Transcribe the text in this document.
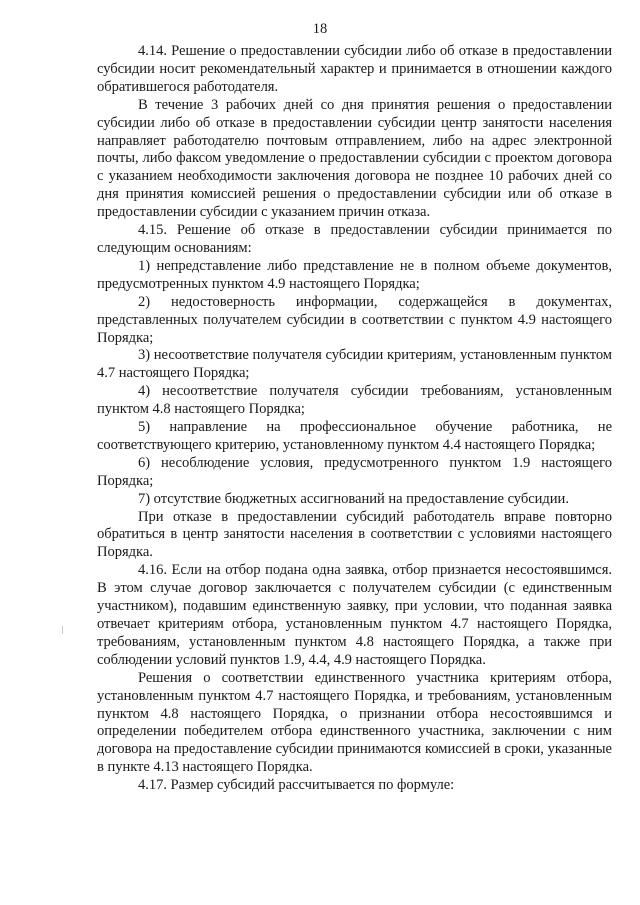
18

4.14. Решение о предоставлении субсидии либо об отказе в предоставлении субсидии носит рекомендательный характер и принимается в отношении каждого обратившегося работодателя.

В течение 3 рабочих дней со дня принятия решения о предоставлении субсидии либо об отказе в предоставлении субсидии центр занятости населения направляет работодателю почтовым отправлением, либо на адрес электронной почты, либо факсом уведомление о предоставлении субсидии с проектом договора с указанием необходимости заключения договора не позднее 10 рабочих дней со дня принятия комиссией решения о предоставлении субсидии или об отказе в предоставлении субсидии с указанием причин отказа.

4.15. Решение об отказе в предоставлении субсидии принимается по следующим основаниям:

1) непредставление либо представление не в полном объеме документов, предусмотренных пунктом 4.9 настоящего Порядка;

2) недостоверность информации, содержащейся в документах, представленных получателем субсидии в соответствии с пунктом 4.9 настоящего Порядка;

3) несоответствие получателя субсидии критериям, установленным пунктом 4.7 настоящего Порядка;

4) несоответствие получателя субсидии требованиям, установленным пунктом 4.8 настоящего Порядка;

5) направление на профессиональное обучение работника, не соответствующего критерию, установленному пунктом 4.4 настоящего Порядка;

6) несоблюдение условия, предусмотренного пунктом 1.9 настоящего Порядка;

7) отсутствие бюджетных ассигнований на предоставление субсидии.

При отказе в предоставлении субсидий работодатель вправе повторно обратиться в центр занятости населения в соответствии с условиями настоящего Порядка.

4.16. Если на отбор подана одна заявка, отбор признается несостоявшимся. В этом случае договор заключается с получателем субсидии (с единственным участником), подавшим единственную заявку, при условии, что поданная заявка отвечает критериям отбора, установленным пунктом 4.7 настоящего Порядка, требованиям, установленным пунктом 4.8 настоящего Порядка, а также при соблюдении условий пунктов 1.9, 4.4, 4.9 настоящего Порядка.

Решения о соответствии единственного участника критериям отбора, установленным пунктом 4.7 настоящего Порядка, и требованиям, установленным пунктом 4.8 настоящего Порядка, о признании отбора несостоявшимся и определении победителем отбора единственного участника, заключении с ним договора на предоставление субсидии принимаются комиссией в сроки, указанные в пункте 4.13 настоящего Порядка.

4.17. Размер субсидий рассчитывается по формуле:
